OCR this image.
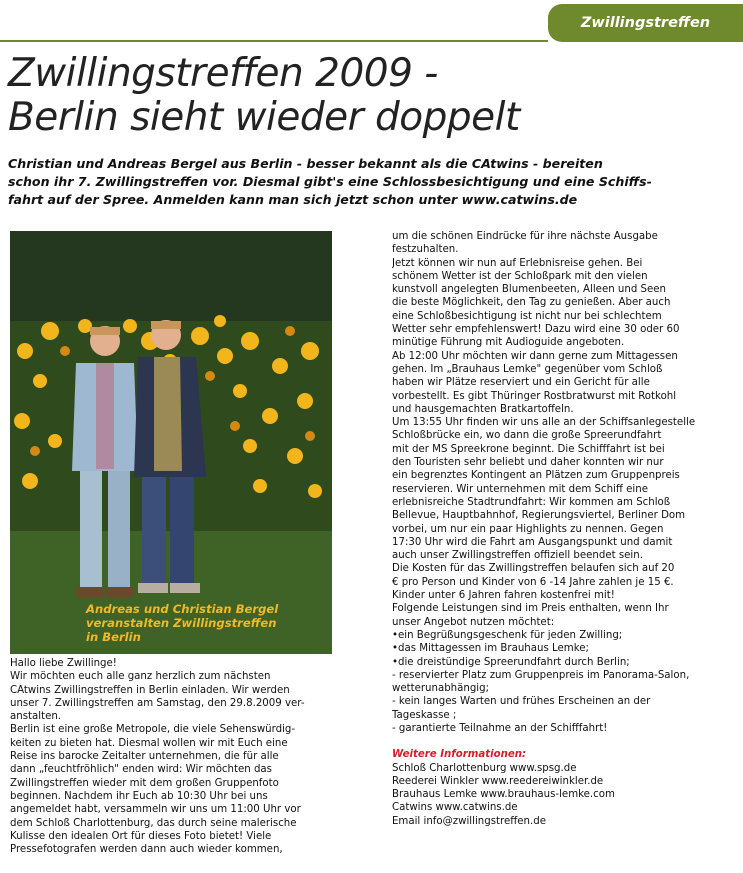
Zwillingstreffen
Zwillingstreffen 2009 -
Berlin sieht wieder doppelt

Christian und Andreas Bergel aus Berlin - besser bekannt als die CAtwins - bereiten
schon ihr 7. Zwillingstreffen vor. Diesmal gibt's eine Schlossbesichtigung und eine Schiffs-
fahrt auf der Spree. Anmelden kann man sich jetzt schon unter www.catwins.de

Andreas und Christian Bergel
veranstalten Zwillingstreffen
in Berlin
Hallo liebe Zwillinge!
Wir möchten euch alle ganz herzlich zum nächsten
CAtwins Zwillingstreffen in Berlin einladen. Wir werden
unser 7. Zwillingstreffen am Samstag, den 29.8.2009 ver-
anstalten.
Berlin ist eine große Metropole, die viele Sehenswürdig-
keiten zu bieten hat. Diesmal wollen wir mit Euch eine
Reise ins barocke Zeitalter unternehmen, die für alle
dann „feuchtfröhlich" enden wird: Wir möchten das
Zwillingstreffen wieder mit dem großen Gruppenfoto
beginnen. Nachdem ihr Euch ab 10:30 Uhr bei uns
angemeldet habt, versammeln wir uns um 11:00 Uhr vor
dem Schloß Charlottenburg, das durch seine malerische
Kulisse den idealen Ort für dieses Foto bietet! Viele
Pressefotografen werden dann auch wieder kommen,
um die schönen Eindrücke für ihre nächste Ausgabe
festzuhalten.
Jetzt können wir nun auf Erlebnisreise gehen. Bei
schönem Wetter ist der Schloßpark mit den vielen
kunstvoll angelegten Blumenbeeten, Alleen und Seen
die beste Möglichkeit, den Tag zu genießen. Aber auch
eine Schloßbesichtigung ist nicht nur bei schlechtem
Wetter sehr empfehlenswert! Dazu wird eine 30 oder 60
minütige Führung mit Audioguide angeboten.
Ab 12:00 Uhr möchten wir dann gerne zum Mittagessen
gehen. Im „Brauhaus Lemke" gegenüber vom Schloß
haben wir Plätze reserviert und ein Gericht für alle
vorbestellt. Es gibt Thüringer Rostbratwurst mit Rotkohl
und hausgemachten Bratkartoffeln.
Um 13:55 Uhr finden wir uns alle an der Schiffsanlegestelle
Schloßbrücke ein, wo dann die große Spreerundfahrt
mit der MS Spreekrone beginnt. Die Schifffahrt ist bei
den Touristen sehr beliebt und daher konnten wir nur
ein begrenztes Kontingent an Plätzen zum Gruppenpreis
reservieren. Wir unternehmen mit dem Schiff eine
erlebnisreiche Stadtrundfahrt: Wir kommen am Schloß
Bellevue, Hauptbahnhof, Regierungsviertel, Berliner Dom
vorbei, um nur ein paar Highlights zu nennen. Gegen
17:30 Uhr wird die Fahrt am Ausgangspunkt und damit
auch unser Zwillingstreffen offiziell beendet sein.
Die Kosten für das Zwillingstreffen belaufen sich auf 20
€ pro Person und Kinder von 6 -14 Jahre zahlen je 15 €.
Kinder unter 6 Jahren fahren kostenfrei mit!
Folgende Leistungen sind im Preis enthalten, wenn Ihr
unser Angebot nutzen möchtet:
•ein Begrüßungsgeschenk für jeden Zwilling;
•das Mittagessen im Brauhaus Lemke;
•die dreistündige Spreerundfahrt durch Berlin;
- reservierter Platz zum Gruppenpreis im Panorama-Salon,
wetterunabhängig;
- kein langes Warten und frühes Erscheinen an der
Tageskasse ;
- garantierte Teilnahme an der Schifffahrt!
Weitere Informationen:
Schloß Charlottenburg www.spsg.de
Reederei Winkler www.reedereiwinkler.de
Brauhaus Lemke www.brauhaus-lemke.com
Catwins www.catwins.de
Email info@zwillingstreffen.de
